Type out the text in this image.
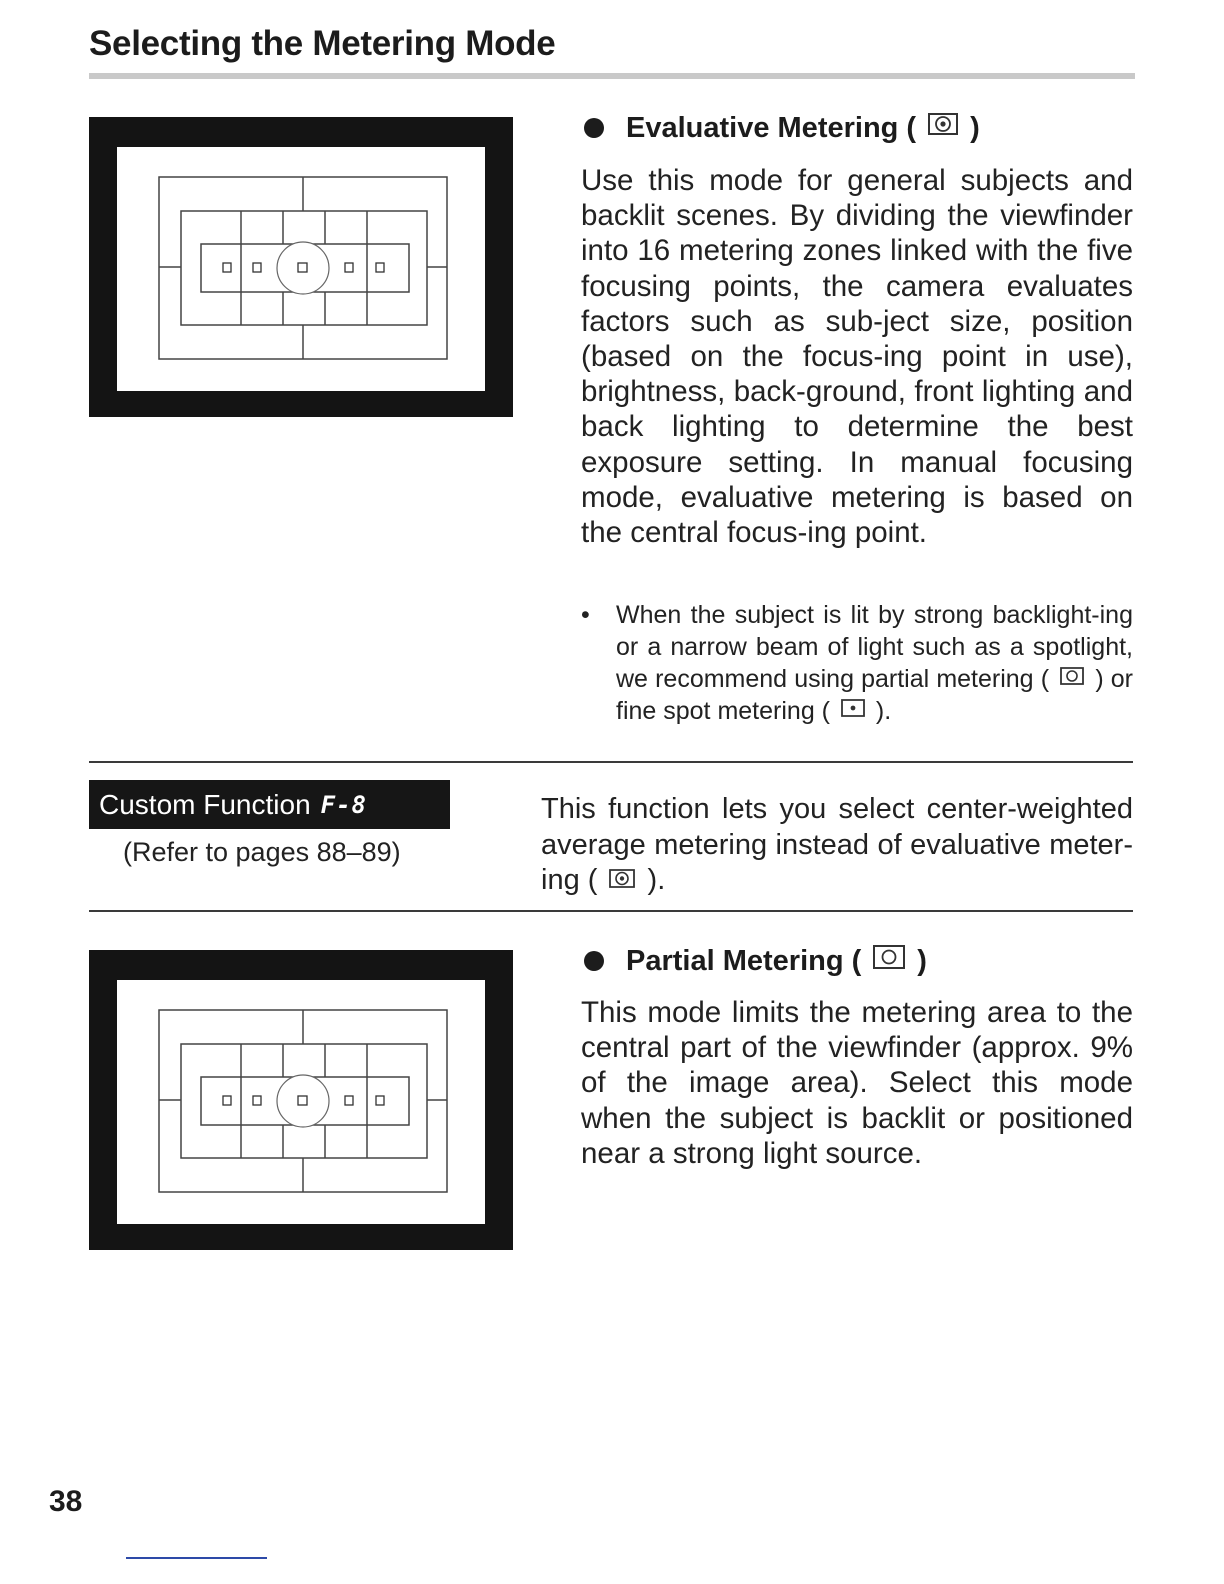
Selecting the Metering Mode
Evaluative Metering ( )
Use this mode for general subjects and backlit scenes. By dividing the viewfinder into 16 metering zones linked with the five focusing points, the camera evaluates factors such as sub-ject size, position (based on the focus-ing point in use), brightness, back-ground, front lighting and back lighting to determine the best exposure setting. In manual focusing mode, evaluative metering is based on the central focus-ing point.
•	When the subject is lit by strong backlight-ing or a narrow beam of light such as a spotlight, we recommend using partial metering ( ) or fine spot metering ( ).
Custom Function F-8
(Refer to pages 88–89)
This function lets you select center-weighted average metering instead of evaluative meter-ing ( ).
Partial Metering ( )
This mode limits the metering area to the central part of the viewfinder (approx. 9% of the image area). Select this mode when the subject is backlit or positioned near a strong light source.
38
